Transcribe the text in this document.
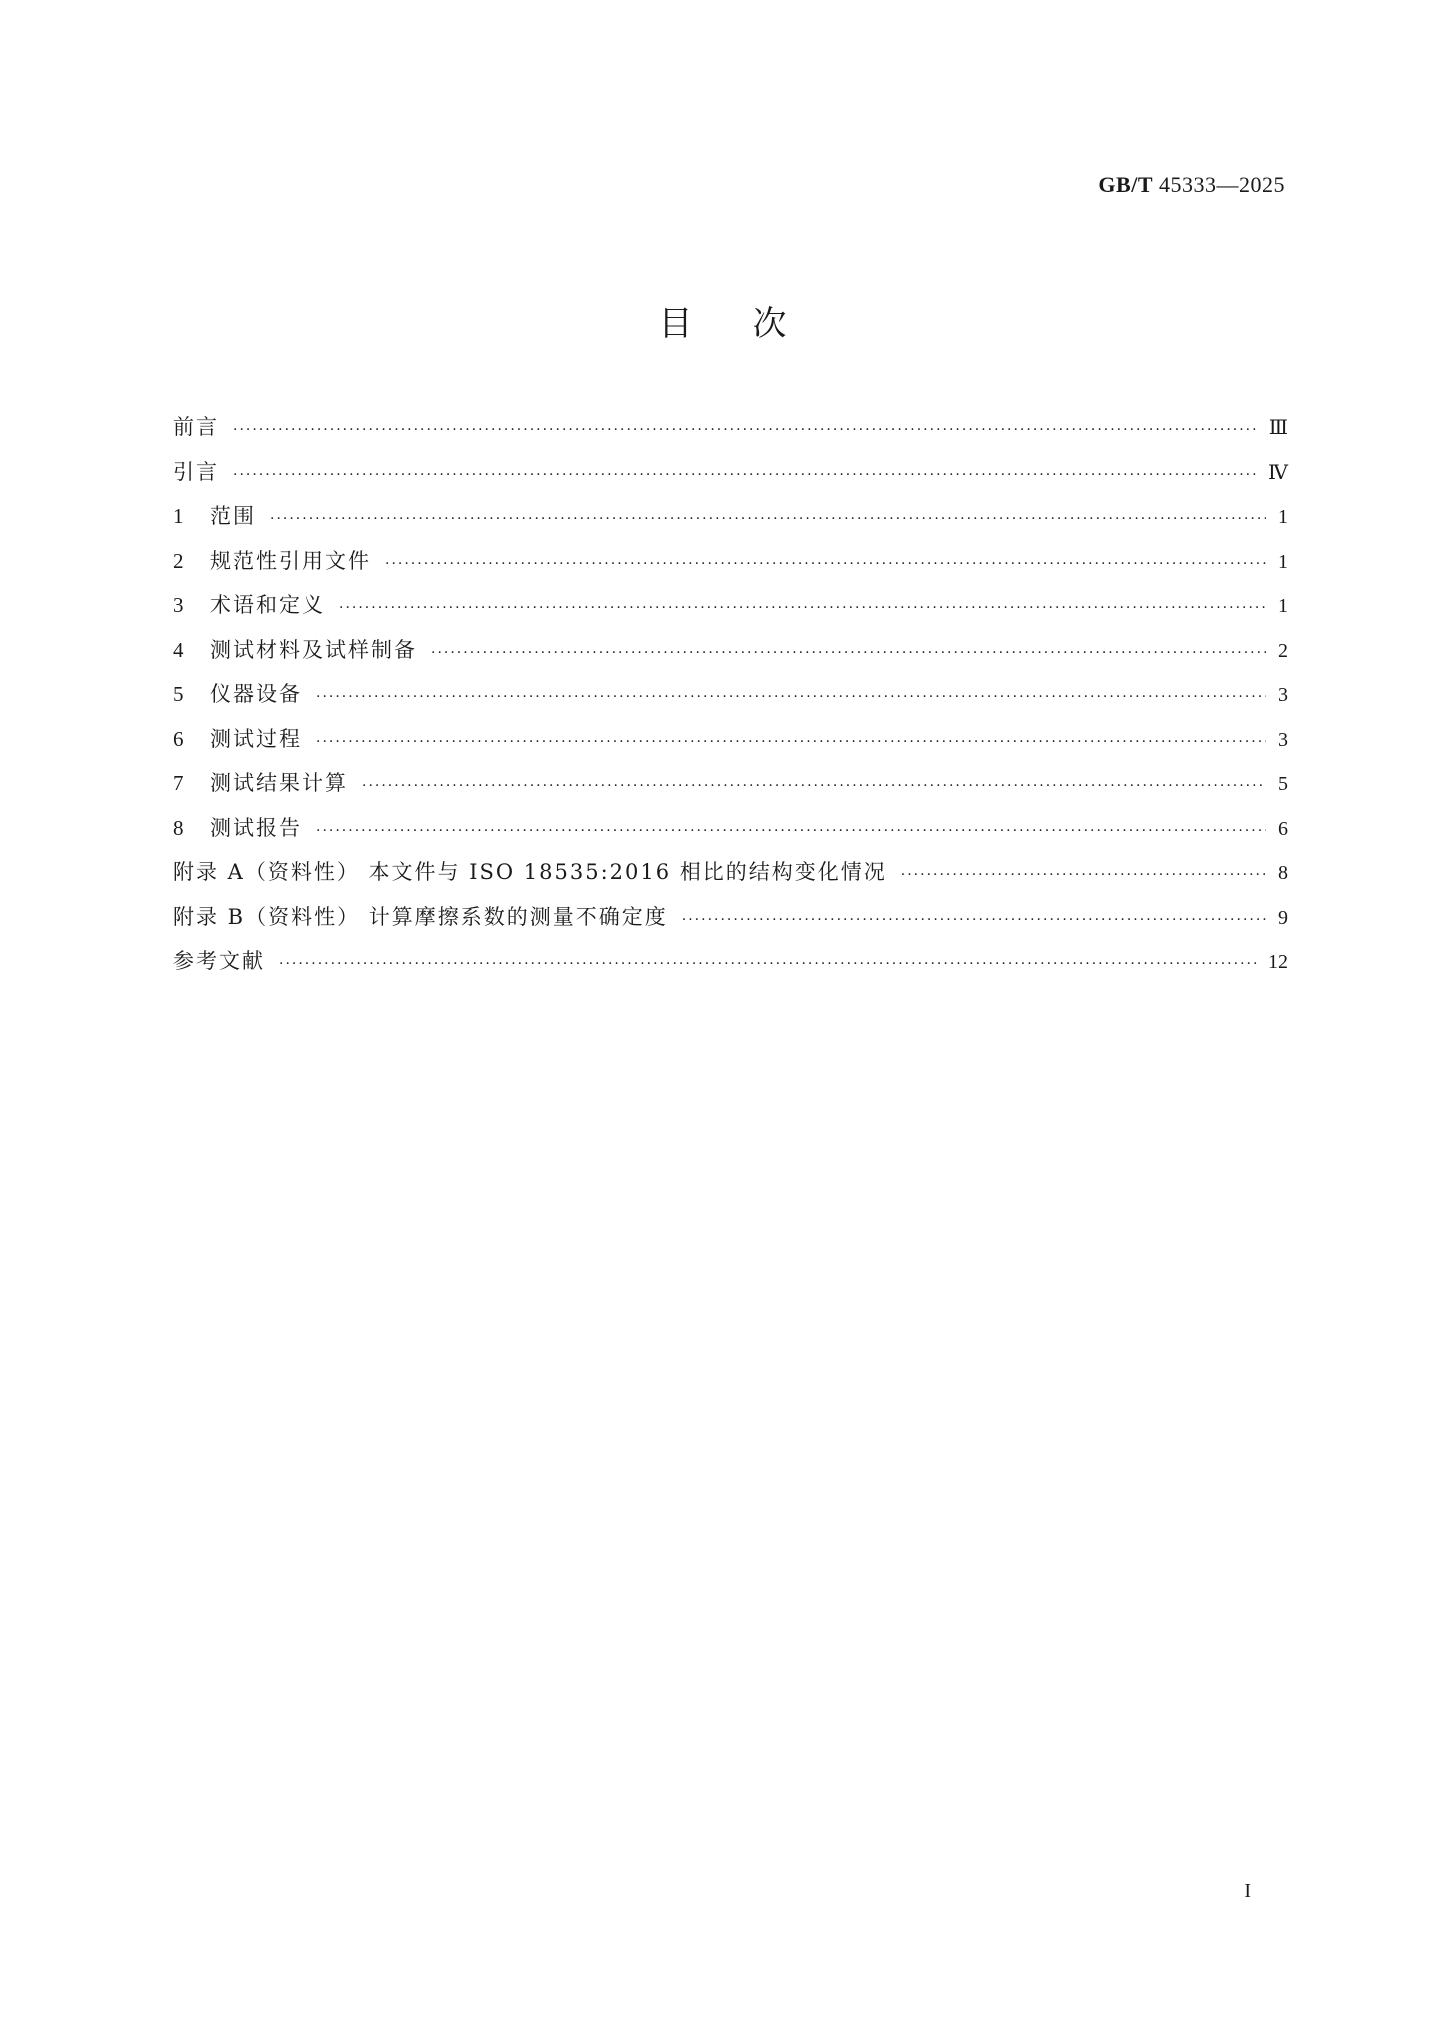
GB/T 45333—2025
目次
前言 ·····	Ⅲ
引言 ·····	Ⅳ
1	范围 ·····	1
2	规范性引用文件 ·····	1
3	术语和定义 ·····	1
4	测试材料及试样制备 ·····	2
5	仪器设备 ·····	3
6	测试过程 ·····	3
7	测试结果计算 ·····	5
8	测试报告 ·····	6
附录 A（资料性） 本文件与 ISO 18535:2016 相比的结构变化情况 ·····	8
附录 B（资料性） 计算摩擦系数的测量不确定度 ·····	9
参考文献 ·····	12
I
